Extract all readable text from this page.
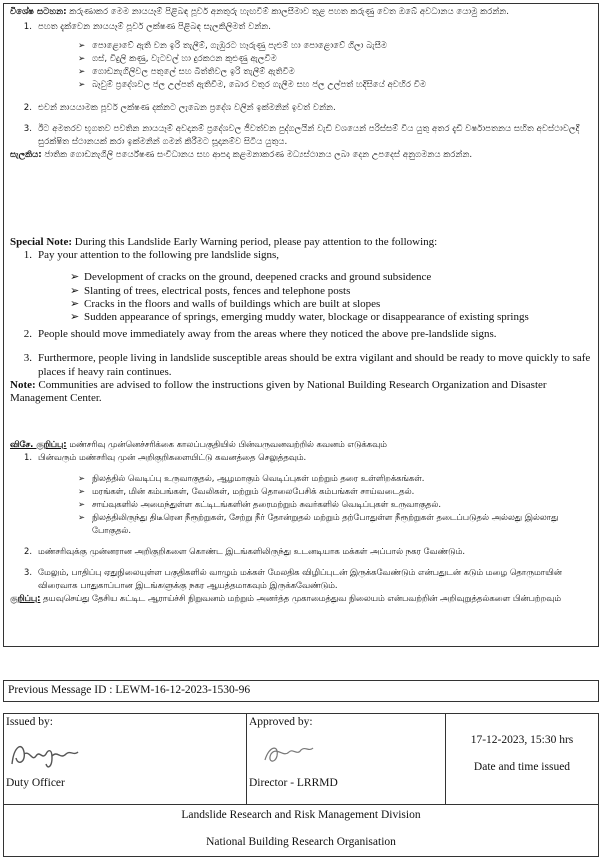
විශේෂ සටහන: කරුණාකර මෙම නායයෑම් පිළිබඳ පූර්ව අනතුරු හැඟවීම් කාලසීමාව තුළ පහත කරුණු වෙත ඔබේ අවධානය යොමු කරන්න.
1. පහත දැක්වෙන නායයෑම් පූර්ව ලක්ෂණ පිළිබඳ සැලකිලිමත් වන්න.
➢ පොළොවේ ඇති වන ඉරි තැලීම්, ගැඹුරට හෑරුණු පැළුම් හා පොළොවේ ගිලා බැසීම
➢ ගස්, විදුලි කණු, වැටවල් හා දුරකථන කුළුණු ඇලවීම
➢ ගොඩනැගිලිවල පතුලේ සහ බිත්තිවල ඉරි තැලීම් ඇතිවීම
➢ බෑවුම් ප්‍රදේශවල ජල උල්පත් ඇතිවීම, බොර වතුර ගැලීම සහ ජල උල්පත් හදිසියේ අවහිර වීම
2. එවන් නායයාමක පූර්ව ලක්ෂණ දක්නට ලැබෙන ප්‍රදේශ වලින් ඉක්මනින් ඉවත් වන්න.
3. ඊට අමතරව භූගතව පවතින නායයෑම් අවදානම් ප්‍රදේශවල ජීවත්වන පුද්ගලයින් වැඩි වශයෙන් පරිස්සම් විය යුතු අතර දැඩි වර්ෂාපතනය සහිත අවස්ථාවලදී සුරක්ෂිත ස්ථානයක් කරා ඉක්මනින් ගමන් කිරීමට සූදානම්ව සිටිය යුතුය.
සැලකිය: ජාතික ගොඩනැගිලි පර්යේෂණ සංවිධානය සහ ආපදා කළමනාකරණ මධ්‍යස්ථානය ලබා දෙන උපදෙස් අනුගමනය කරන්න.
Special Note: During this Landslide Early Warning period, please pay attention to the following:
1. Pay your attention to the following pre landslide signs,
➢ Development of cracks on the ground, deepened cracks and ground subsidence
➢ Slanting of trees, electrical posts, fences and telephone posts
➢ Cracks in the floors and walls of buildings which are built at slopes
➢ Sudden appearance of springs, emerging muddy water, blockage or disappearance of existing springs
2. People should move immediately away from the areas where they noticed the above pre-landslide signs.
3. Furthermore, people living in landslide susceptible areas should be extra vigilant and should be ready to move quickly to safe places if heavy rain continues.
Note: Communities are advised to follow the instructions given by National Building Research Organization and Disaster Management Center.
விசே. குறிப்பு: மண்சரிவு முன்னெச்சரிக்கை காலப்பகுதியில் பின்வருவனவற்றில் கவனம் எடுக்கவும்
1. பின்வரும் மண்சரிவு முன் அறிகுறிகளையிட்டு கவனத்தை செலுத்தவும்.
➢ நிலத்தில் வெடிப்பு உருவாகுதல், ஆழமாகும் வெடிப்புகள் மற்றும் தரை உள்ளிறக்கங்கள்.
➢ மரங்கள், மின் கம்பங்கள், வேலிகள், மற்றும் தொலைபேசிக் கம்பங்கள் சாய்வடைதல்.
➢ சாய்வுகளில் அமைந்துள்ள கட்டிடங்களின் தரைமற்றும் சுவர்களில் வெடிப்புகள் உருவாகுதல்.
➢ நிலத்திலிருந்து திடீரென நீரூற்றுகள், சேற்று நீர் தோன்றுதல் மற்றும் தற்போதுள்ள நீரூற்றுகள் தடைப்படுதல் அல்லது இல்லாது போகுதல்.
2. மண்சரிவுக்கு முன்னரான அறிகுறிகளை கொண்ட இடங்களிலிருந்து உடனடியாக மக்கள் அப்பால் நகர வேண்டும்.
3. மேலும், பாதிப்பு ஏதுநிலையுள்ள பகுதிகளில் வாழும் மக்கள் மேலதிக விழிப்புடன் இருக்கவேண்டும் என்பதுடன் கடும் மழை தொருமாயின் விரைவாக பாதுகாப்பான இடங்களுக்கு நகர ஆயத்தமாகவும் இருக்கவேண்டும்.
குறிப்பு: தயவுசெய்து தேசிய கட்டிட ஆராய்ச்சி நிறுவனம் மற்றும் அனர்த்த முகாமைத்துவ நிலையம் என்பவற்றின் அறிவுறுத்தல்களை பின்பற்றவும்
Previous Message ID : LEWM-16-12-2023-1530-96
Issued by:
Duty Officer
Approved by:
Director - LRRMD
17-12-2023, 15:30 hrs
Date and time issued
Landslide Research and Risk Management Division
National Building Research Organisation
